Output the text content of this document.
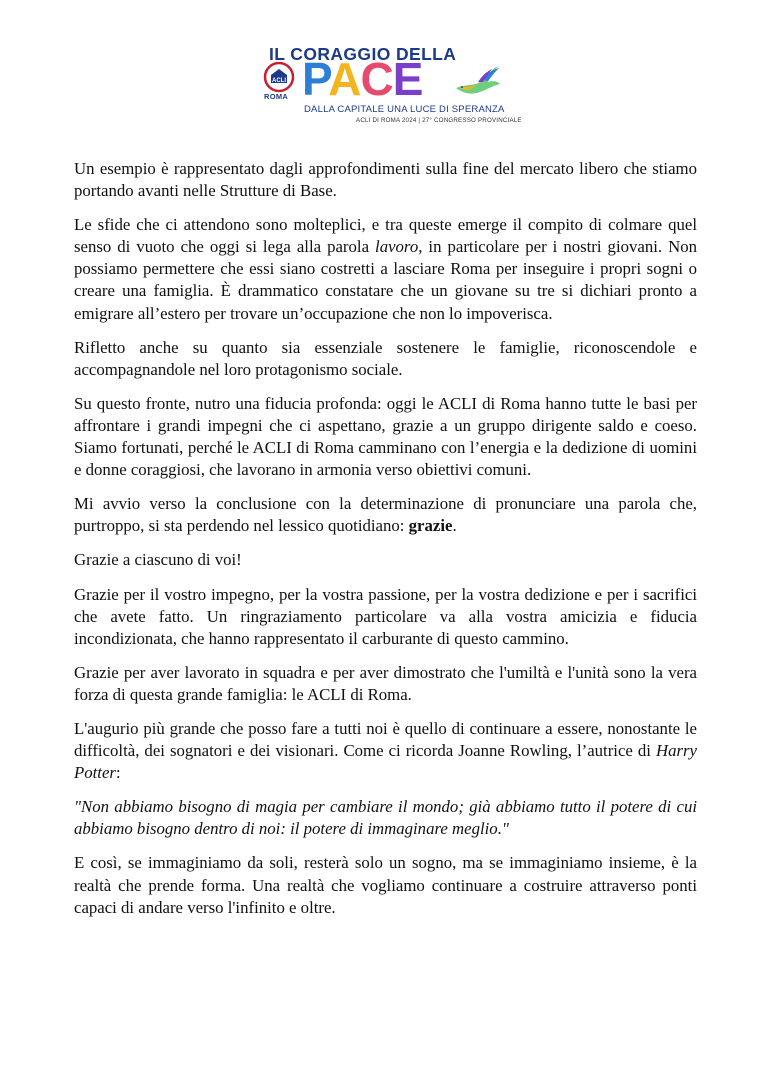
ACLI
ROMA
IL CORAGGIO DELLA
PACE
DALLA CAPITALE UNA LUCE DI SPERANZA
ACLI DI ROMA 2024 | 27° CONGRESSO PROVINCIALE

Un esempio è rappresentato dagli approfondimenti sulla fine del mercato libero che stiamo portando avanti nelle Strutture di Base.

Le sfide che ci attendono sono molteplici, e tra queste emerge il compito di colmare quel senso di vuoto che oggi si lega alla parola lavoro, in particolare per i nostri giovani. Non possiamo permettere che essi siano costretti a lasciare Roma per inseguire i propri sogni o creare una famiglia. È drammatico constatare che un giovane su tre si dichiari pronto a emigrare all’estero per trovare un’occupazione che non lo impoverisca.

Rifletto anche su quanto sia essenziale sostenere le famiglie, riconoscendole e accompagnandole nel loro protagonismo sociale.

Su questo fronte, nutro una fiducia profonda: oggi le ACLI di Roma hanno tutte le basi per affrontare i grandi impegni che ci aspettano, grazie a un gruppo dirigente saldo e coeso. Siamo fortunati, perché le ACLI di Roma camminano con l’energia e la dedizione di uomini e donne coraggiosi, che lavorano in armonia verso obiettivi comuni.

Mi avvio verso la conclusione con la determinazione di pronunciare una parola che, purtroppo, si sta perdendo nel lessico quotidiano: grazie.

Grazie a ciascuno di voi!

Grazie per il vostro impegno, per la vostra passione, per la vostra dedizione e per i sacrifici che avete fatto. Un ringraziamento particolare va alla vostra amicizia e fiducia incondizionata, che hanno rappresentato il carburante di questo cammino.

Grazie per aver lavorato in squadra e per aver dimostrato che l'umiltà e l'unità sono la vera forza di questa grande famiglia: le ACLI di Roma.

L'augurio più grande che posso fare a tutti noi è quello di continuare a essere, nonostante le difficoltà, dei sognatori e dei visionari. Come ci ricorda Joanne Rowling, l’autrice di Harry Potter:

"Non abbiamo bisogno di magia per cambiare il mondo; già abbiamo tutto il potere di cui abbiamo bisogno dentro di noi: il potere di immaginare meglio."

E così, se immaginiamo da soli, resterà solo un sogno, ma se immaginiamo insieme, è la realtà che prende forma. Una realtà che vogliamo continuare a costruire attraverso ponti capaci di andare verso l'infinito e oltre.
